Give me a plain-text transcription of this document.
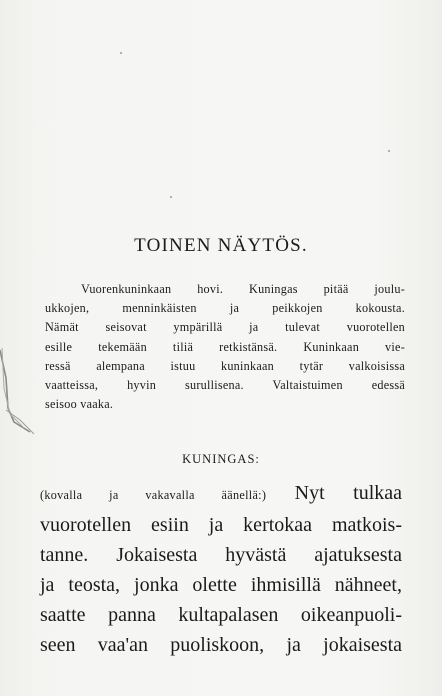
TOINEN NÄYTÖS.
Vuorenkuninkaan hovi. Kuningas pitää joulu-
ukkojen, menninkäisten ja peikkojen kokousta.
Nämät seisovat ympärillä ja tulevat vuorotellen
esille tekemään tiliä retkistänsä. Kuninkaan vie-
ressä alempana istuu kuninkaan tytär valkoisissa
vaatteissa, hyvin surullisena. Valtaistuimen edessä
seisoo vaaka.
KUNINGAS:
(kovalla ja vakavalla äänellä:) Nyt tulkaa
vuorotellen esiin ja kertokaa matkois-
tanne. Jokaisesta hyvästä ajatuksesta
ja teosta, jonka olette ihmisillä nähneet,
saatte panna kultapalasen oikeanpuoli-
seen vaa'an puoliskoon, ja jokaisesta
